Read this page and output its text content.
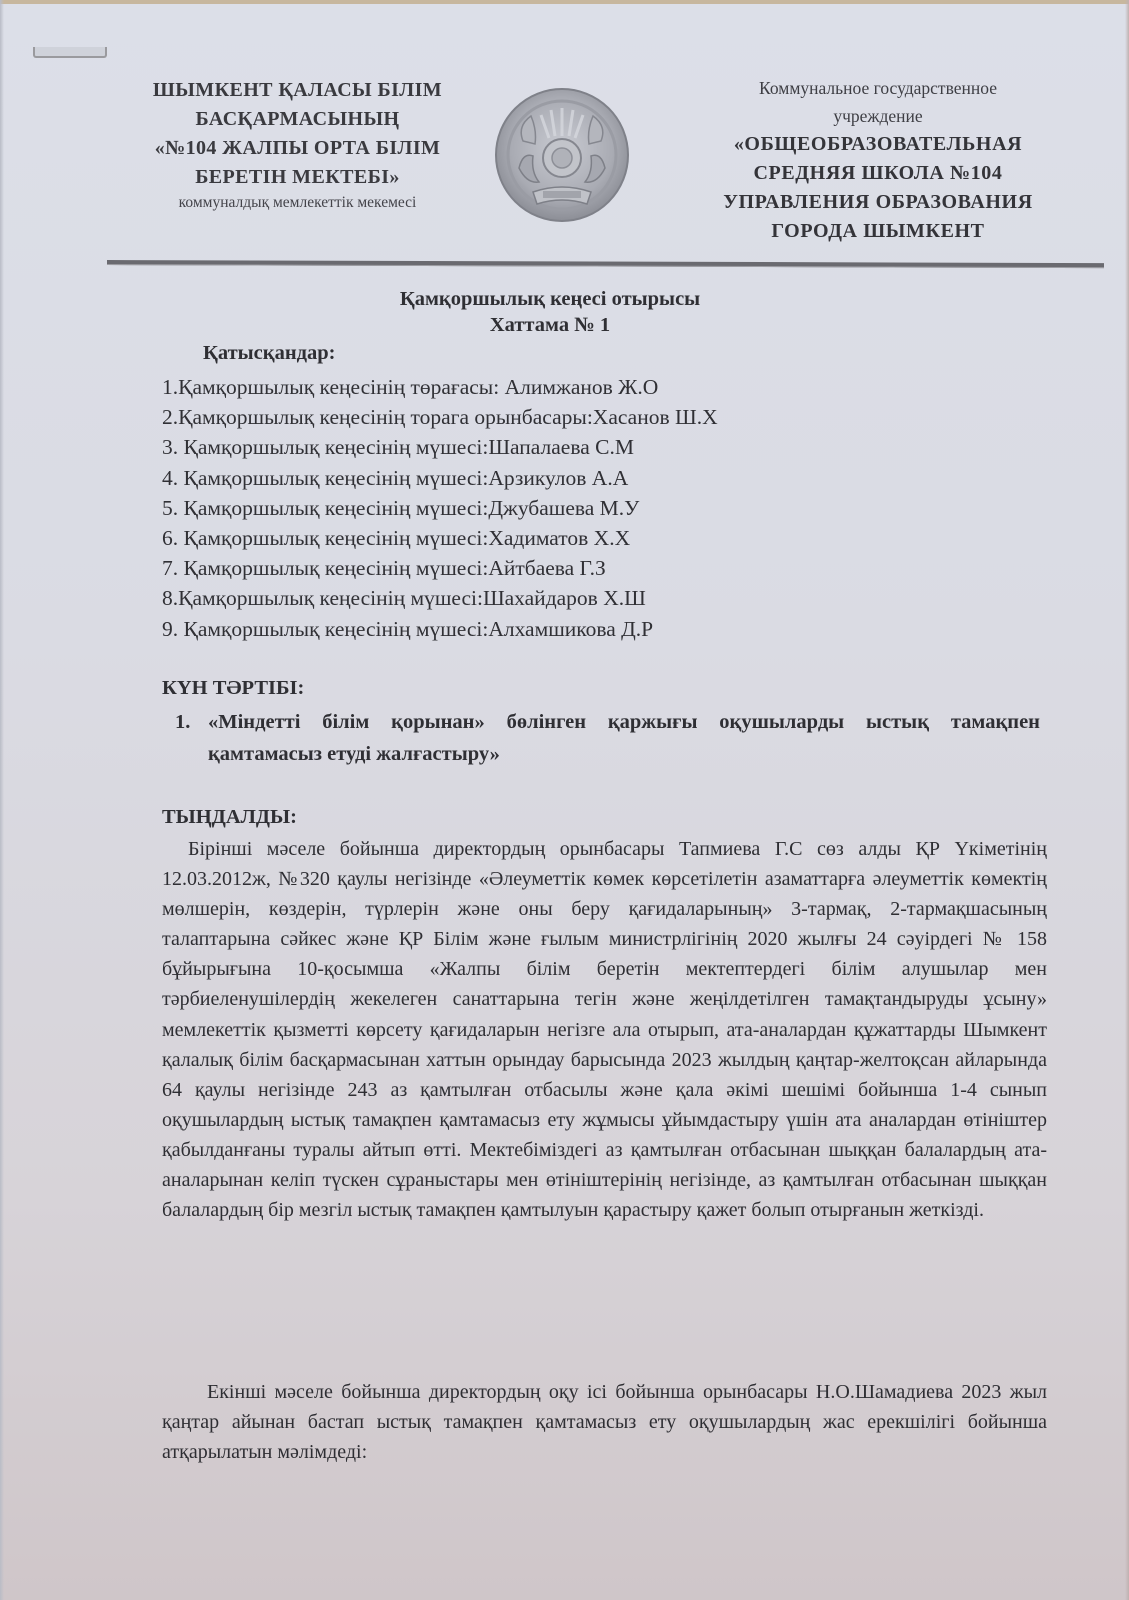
ШЫМКЕНТ ҚАЛАСЫ БІЛІМ
БАСҚАРМАСЫНЫҢ
«№104 ЖАЛПЫ ОРТА БІЛІМ
БЕРЕТІН МЕКТЕБІ»
коммуналдық мемлекеттік мекемесі
Коммунальное государственное
учреждение
«ОБЩЕОБРАЗОВАТЕЛЬНАЯ
СРЕДНЯЯ ШКОЛА №104
УПРАВЛЕНИЯ ОБРАЗОВАНИЯ
ГОРОДА ШЫМКЕНТ
Қамқоршылық кеңесі отырысы
Хаттама № 1
Қатысқандар:
1.Қамқоршылық кеңесінің төрағасы: Алимжанов Ж.О
2.Қамқоршылық кеңесінің торага орынбасары:Хасанов Ш.Х
3. Қамқоршылық кеңесінің мүшесі:Шапалаева С.М
4. Қамқоршылық кеңесінің мүшесі:Арзикулов А.А
5. Қамқоршылық кеңесінің мүшесі:Джубашева М.У
6. Қамқоршылық кеңесінің мүшесі:Хадиматов Х.Х
7. Қамқоршылық кеңесінің мүшесі:Айтбаева Г.З
8.Қамқоршылық кеңесінің мүшесі:Шахайдаров Х.Ш
9. Қамқоршылық кеңесінің мүшесі:Алхамшикова Д.Р
КҮН ТӘРТІБІ:
1. «Міндетті білім қорынан» бөлінген қаржығы оқушыларды ыстық тамақпен қамтамасыз етуді жалғастыру»
ТЫҢДАЛДЫ:
Бірінші мәселе бойынша директордың орынбасары Тапмиева Г.С сөз алды ҚР Үкіметінің 12.03.2012ж, №320 қаулы негізінде «Әлеуметтік көмек көрсетілетін азаматтарға әлеуметтік көмектің мөлшерін, көздерін, түрлерін және оны беру қағидаларының» 3-тармақ, 2-тармақшасының талаптарына сәйкес және ҚР Білім және ғылым министрлігінің 2020 жылғы 24 сәуірдегі № 158 бұйырығына 10-қосымша «Жалпы білім беретін мектептердегі білім алушылар мен тәрбиеленушілердің жекелеген санаттарына тегін және жеңілдетілген тамақтандыруды ұсыну» мемлекеттік қызметті көрсету қағидаларын негізге ала отырып, ата-аналардан құжаттарды Шымкент қалалық білім басқармасынан хаттын орындау барысында 2023 жылдың қаңтар-желтоқсан айларында 64 қаулы негізінде 243 аз қамтылған отбасылы және қала әкімі шешімі бойынша 1-4 сынып оқушылардың ыстық тамақпен қамтамасыз ету жұмысы ұйымдастыру үшін ата аналардан өтініштер қабылданғаны туралы айтып өтті. Мектебіміздегі аз қамтылған отбасынан шыққан балалардың ата-аналарынан келіп түскен сұраныстары мен өтініштерінің негізінде, аз қамтылған отбасынан шыққан балалардың бір мезгіл ыстық тамақпен қамтылуын қарастыру қажет болып отырғанын жеткізді.
Екінші мәселе бойынша директордың оқу ісі бойынша орынбасары Н.О.Шамадиева 2023 жыл қаңтар айынан бастап ыстық тамақпен қамтамасыз ету оқушылардың жас ерекшілігі бойынша атқарылатын мәлімдеді:
